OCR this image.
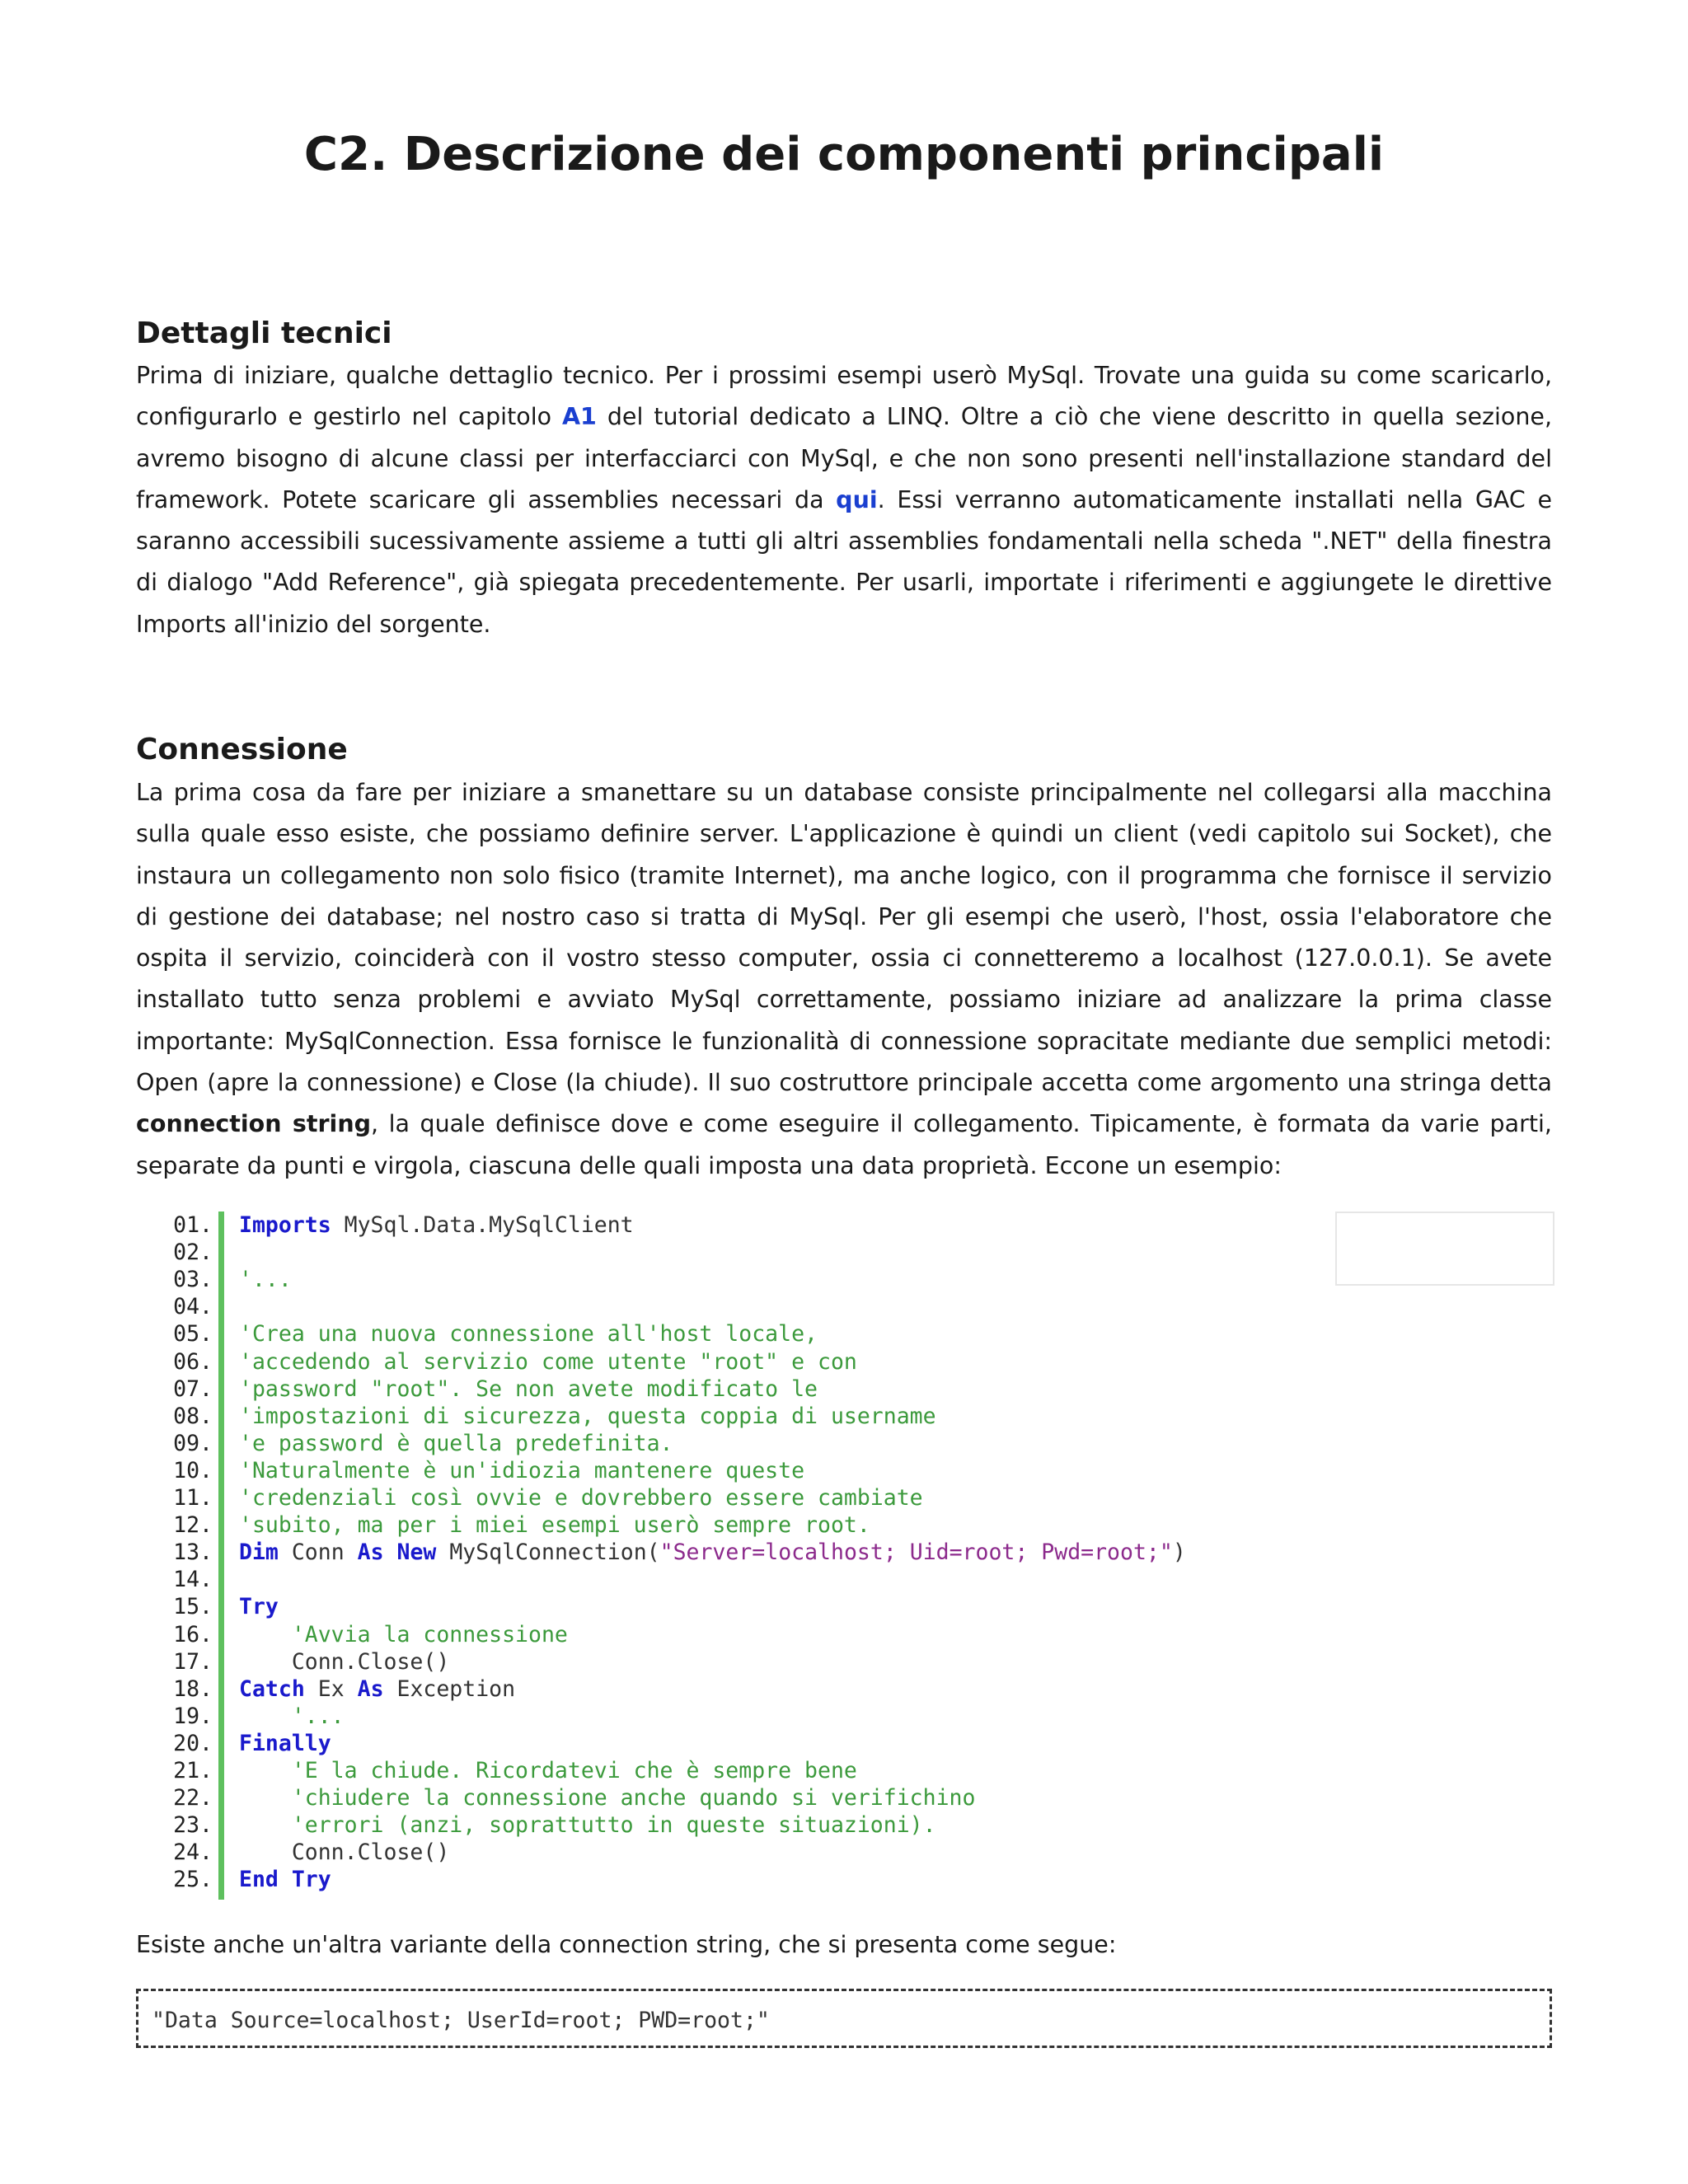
C2. Descrizione dei componenti principali
Dettagli tecnici

Prima di iniziare, qualche dettaglio tecnico. Per i prossimi esempi userò MySql. Trovate una guida su come scaricarlo, configurarlo e gestirlo nel capitolo A1 del tutorial dedicato a LINQ. Oltre a ciò che viene descritto in quella sezione, avremo bisogno di alcune classi per interfacciarci con MySql, e che non sono presenti nell'installazione standard del framework. Potete scaricare gli assemblies necessari da qui. Essi verranno automaticamente installati nella GAC e saranno accessibili sucessivamente assieme a tutti gli altri assemblies fondamentali nella scheda ".NET" della finestra di dialogo "Add Reference", già spiegata precedentemente. Per usarli, importate i riferimenti e aggiungete le direttive Imports all'inizio del sorgente.

Connessione

La prima cosa da fare per iniziare a smanettare su un database consiste principalmente nel collegarsi alla macchina sulla quale esso esiste, che possiamo definire server. L'applicazione è quindi un client (vedi capitolo sui Socket), che instaura un collegamento non solo fisico (tramite Internet), ma anche logico, con il programma che fornisce il servizio di gestione dei database; nel nostro caso si tratta di MySql. Per gli esempi che userò, l'host, ossia l'elaboratore che ospita il servizio, coinciderà con il vostro stesso computer, ossia ci connetteremo a localhost (127.0.0.1). Se avete installato tutto senza problemi e avviato MySql correttamente, possiamo iniziare ad analizzare la prima classe importante: MySqlConnection. Essa fornisce le funzionalità di connessione sopracitate mediante due semplici metodi: Open (apre la connessione) e Close (la chiude). Il suo costruttore principale accetta come argomento una stringa detta connection string, la quale definisce dove e come eseguire il collegamento. Tipicamente, è formata da varie parti, separate da punti e virgola, ciascuna delle quali imposta una data proprietà. Eccone un esempio:

01. Imports MySql.Data.MySqlClient
02.
03. '...
04.
05. 'Crea una nuova connessione all'host locale,
06. 'accedendo al servizio come utente "root" e con
07. 'password "root". Se non avete modificato le
08. 'impostazioni di sicurezza, questa coppia di username
09. 'e password è quella predefinita.
10. 'Naturalmente è un'idiozia mantenere queste
11. 'credenziali così ovvie e dovrebbero essere cambiate
12. 'subito, ma per i miei esempi userò sempre root.
13. Dim Conn As New MySqlConnection("Server=localhost; Uid=root; Pwd=root;")
14.
15. Try
16. 'Avvia la connessione
17. Conn.Close()
18. Catch Ex As Exception
19. '...
20. Finally
21. 'E la chiude. Ricordatevi che è sempre bene
22. 'chiudere la connessione anche quando si verifichino
23. 'errori (anzi, soprattutto in queste situazioni).
24. Conn.Close()
25. End Try

Esiste anche un'altra variante della connection string, che si presenta come segue:

"Data Source=localhost; UserId=root; PWD=root;"
